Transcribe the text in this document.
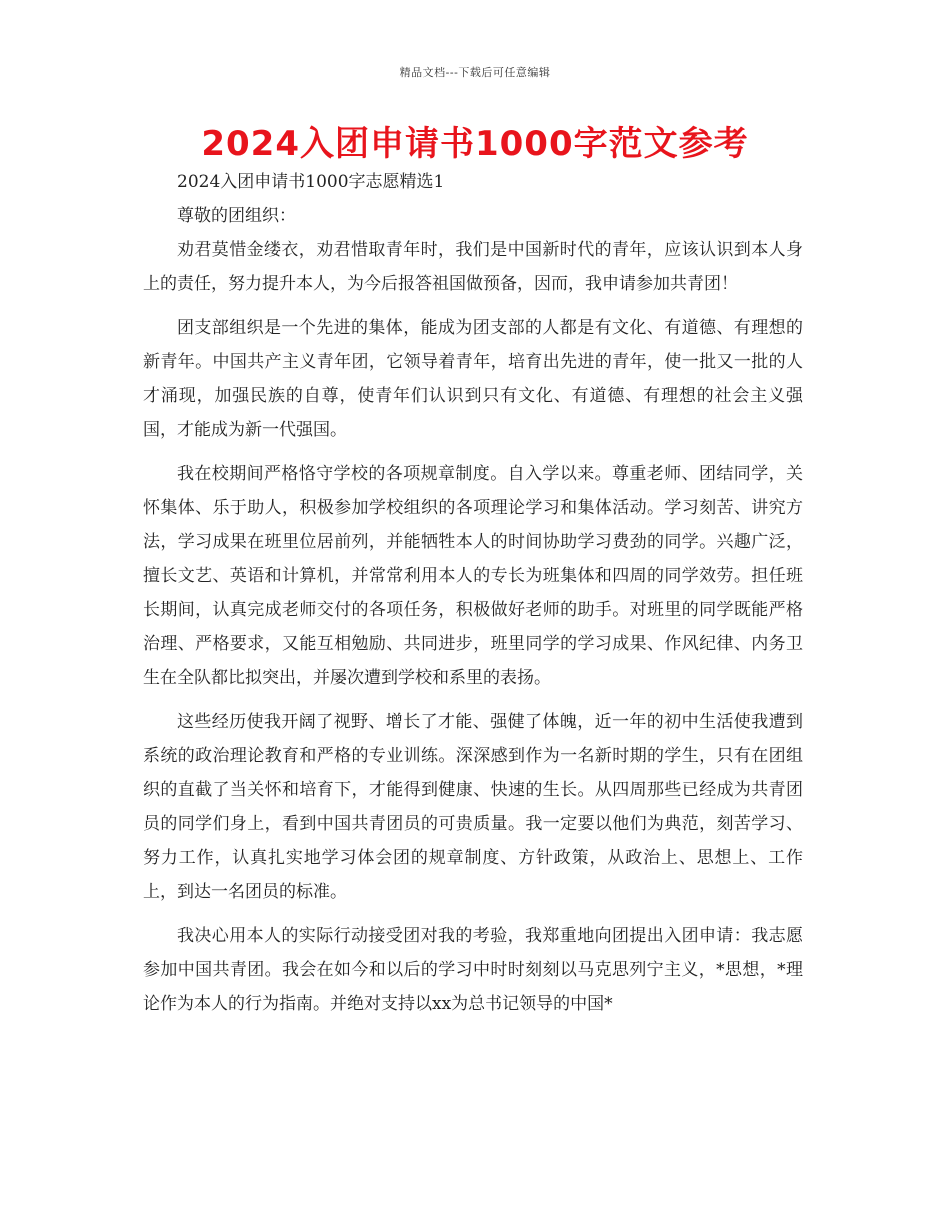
精品文档---下载后可任意编辑
2024入团申请书1000字范文参考

2024入团申请书1000字志愿精选1

尊敬的团组织：

劝君莫惜金缕衣，劝君惜取青年时，我们是中国新时代的青年，应该认识到本人身上的责任，努力提升本人，为今后报答祖国做预备，因而，我申请参加共青团！

团支部组织是一个先进的集体，能成为团支部的人都是有文化、有道德、有理想的新青年。中国共产主义青年团，它领导着青年，培育出先进的青年，使一批又一批的人才涌现，加强民族的自尊，使青年们认识到只有文化、有道德、有理想的社会主义强国，才能成为新一代强国。

我在校期间严格恪守学校的各项规章制度。自入学以来。尊重老师、团结同学，关怀集体、乐于助人，积极参加学校组织的各项理论学习和集体活动。学习刻苦、讲究方法，学习成果在班里位居前列，并能牺牲本人的时间协助学习费劲的同学。兴趣广泛，擅长文艺、英语和计算机，并常常利用本人的专长为班集体和四周的同学效劳。担任班长期间，认真完成老师交付的各项任务，积极做好老师的助手。对班里的同学既能严格治理、严格要求，又能互相勉励、共同进步，班里同学的学习成果、作风纪律、内务卫生在全队都比拟突出，并屡次遭到学校和系里的表扬。

这些经历使我开阔了视野、增长了才能、强健了体魄，近一年的初中生活使我遭到系统的政治理论教育和严格的专业训练。深深感到作为一名新时期的学生，只有在团组织的直截了当关怀和培育下，才能得到健康、快速的生长。从四周那些已经成为共青团员的同学们身上，看到中国共青团员的可贵质量。我一定要以他们为典范，刻苦学习、努力工作，认真扎实地学习体会团的规章制度、方针政策，从政治上、思想上、工作上，到达一名团员的标准。

我决心用本人的实际行动接受团对我的考验，我郑重地向团提出入团申请：我志愿参加中国共青团。我会在如今和以后的学习中时时刻刻以马克思列宁主义，*思想，*理论作为本人的行为指南。并绝对支持以xx为总书记领导的中国*
